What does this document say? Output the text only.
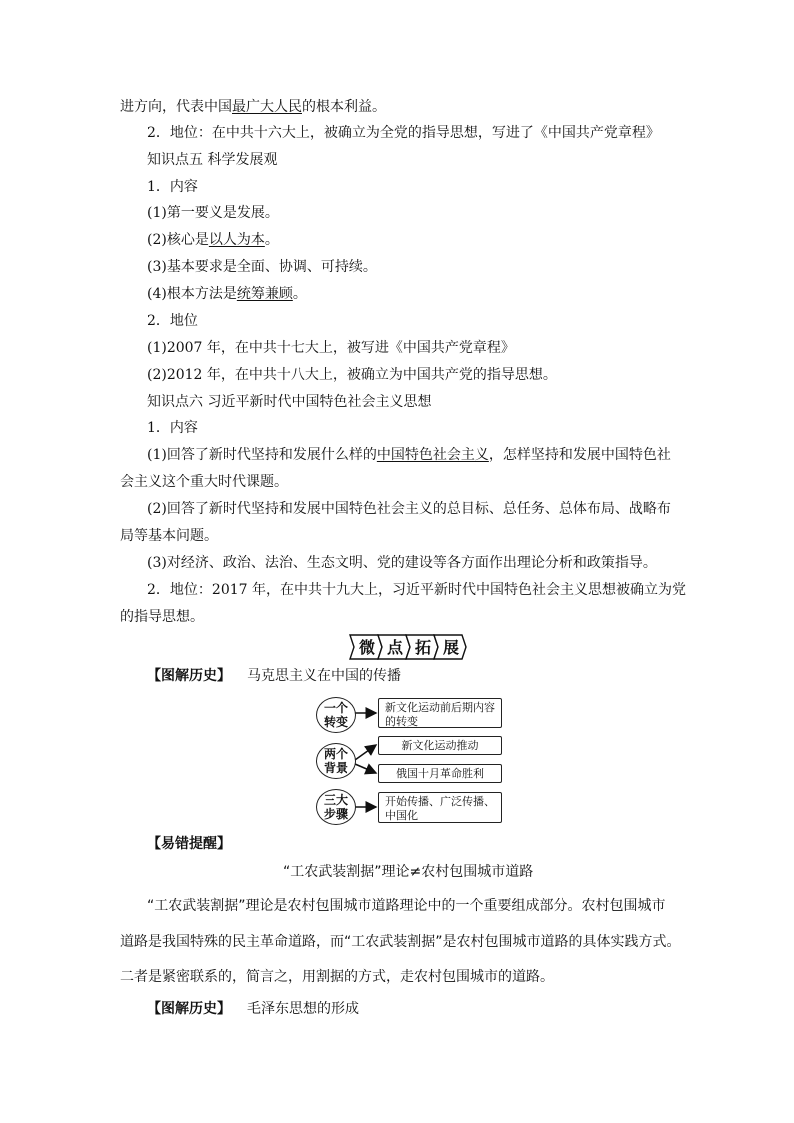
进方向，代表中国最广大人民的根本利益。
2．地位：在中共十六大上，被确立为全党的指导思想，写进了《中国共产党章程》
知识点五 科学发展观
1．内容
(1)第一要义是发展。
(2)核心是以人为本。
(3)基本要求是全面、协调、可持续。
(4)根本方法是统筹兼顾。
2．地位
(1)2007 年，在中共十七大上，被写进《中国共产党章程》
(2)2012 年，在中共十八大上，被确立为中国共产党的指导思想。
知识点六 习近平新时代中国特色社会主义思想
1．内容
(1)回答了新时代坚持和发展什么样的中国特色社会主义，怎样坚持和发展中国特色社
会主义这个重大时代课题。
(2)回答了新时代坚持和发展中国特色社会主义的总目标、总任务、总体布局、战略布
局等基本问题。
(3)对经济、政治、法治、生态文明、党的建设等各方面作出理论分析和政策指导。
2．地位：2017 年，在中共十九大上，习近平新时代中国特色社会主义思想被确立为党
的指导思想。
微 点 拓 展
【图解历史】 马克思主义在中国的传播
一个
转变
两个
背景
三大
步骤
新文化运动前后期内容
的转变
新文化运动推动
俄国十月革命胜利
开始传播、广泛传播、
中国化
【易错提醒】
“工农武装割据”理论≠农村包围城市道路
“工农武装割据”理论是农村包围城市道路理论中的一个重要组成部分。农村包围城市
道路是我国特殊的民主革命道路，而“工农武装割据”是农村包围城市道路的具体实践方式。
二者是紧密联系的，简言之，用割据的方式，走农村包围城市的道路。
【图解历史】 毛泽东思想的形成
